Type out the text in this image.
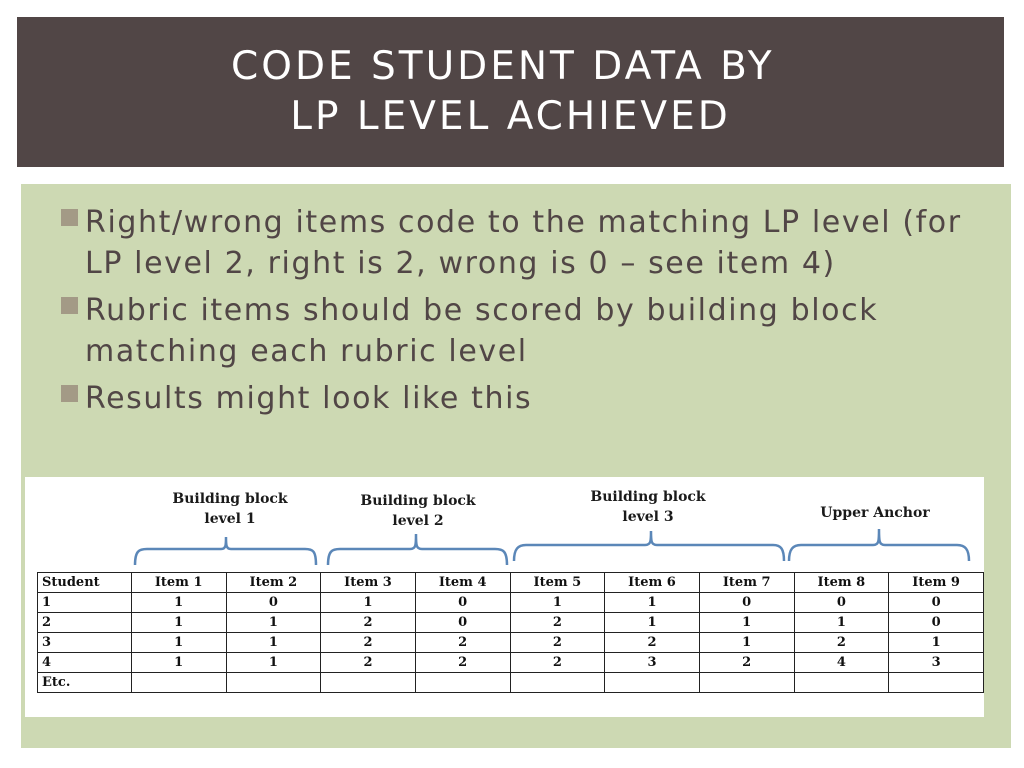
CODE STUDENT DATA BY
LP LEVEL ACHIEVED
Right/wrong items code to the matching LP level (for LP level 2, right is 2, wrong is 0 – see item 4)
Rubric items should be scored by building block matching each rubric level
Results might look like this
Building block
level 1
Building block
level 2
Building block
level 3	Upper Anchor
Student	Item 1	Item 2	Item 3	Item 4	Item 5	Item 6	Item 7	Item 8	Item 9
1	1	0	1	0	1	1	0	0	0
2	1	1	2	0	2	1	1	1	0
3	1	1	2	2	2	2	1	2	1
4	1	1	2	2	2	3	2	4	3
Etc.									
